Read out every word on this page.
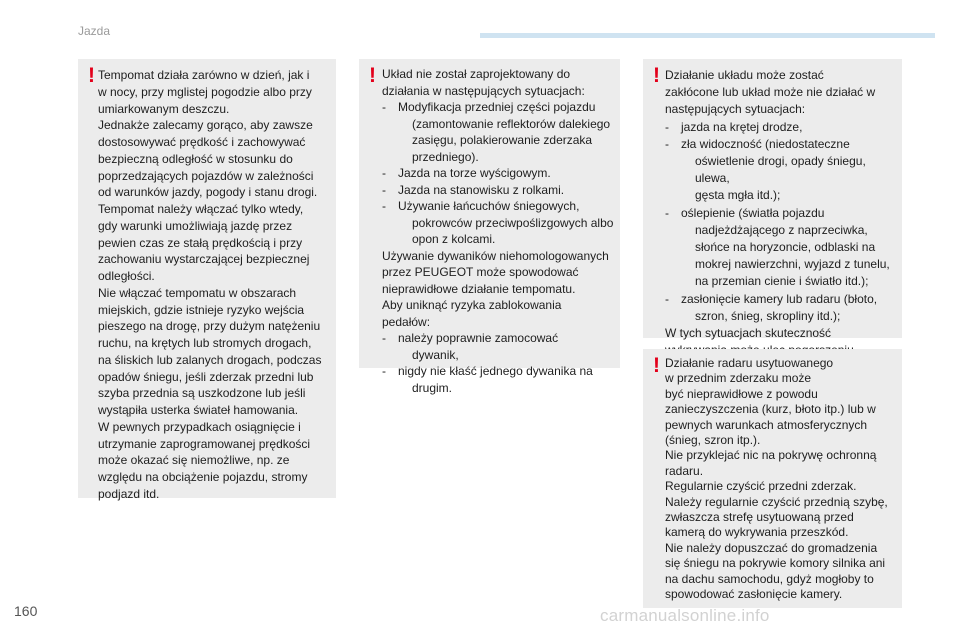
Jazda
! Tempomat działa zarówno w dzień, jak i
w nocy, przy mglistej pogodzie albo przy
umiarkowanym deszczu.
Jednakże zalecamy gorąco, aby zawsze
dostosowywać prędkość i zachowywać
bezpieczną odległość w stosunku do
poprzedzających pojazdów w zależności
od warunków jazdy, pogody i stanu drogi.
Tempomat należy włączać tylko wtedy,
gdy warunki umożliwiają jazdę przez
pewien czas ze stałą prędkością i przy
zachowaniu wystarczającej bezpiecznej
odległości.
Nie włączać tempomatu w obszarach
miejskich, gdzie istnieje ryzyko wejścia
pieszego na drogę, przy dużym natężeniu
ruchu, na krętych lub stromych drogach,
na śliskich lub zalanych drogach, podczas
opadów śniegu, jeśli zderzak przedni lub
szyba przednia są uszkodzone lub jeśli
wystąpiła usterka świateł hamowania.
W pewnych przypadkach osiągnięcie i
utrzymanie zaprogramowanej prędkości
może okazać się niemożliwe, np. ze
względu na obciążenie pojazdu, stromy
podjazd itd.
! Układ nie został zaprojektowany do
działania w następujących sytuacjach:
- Modyfikacja przedniej części pojazdu
(zamontowanie reflektorów dalekiego
zasięgu, polakierowanie zderzaka
przedniego).
- Jazda na torze wyścigowym.
- Jazda na stanowisku z rolkami.
- Używanie łańcuchów śniegowych,
pokrowców przeciwpoślizgowych albo
opon z kolcami.
Używanie dywaników niehomologowanych
przez PEUGEOT może spowodować
nieprawidłowe działanie tempomatu.
Aby uniknąć ryzyka zablokowania
pedałów:
- należy poprawnie zamocować
dywanik,
- nigdy nie kłaść jednego dywanika na
drugim.
! Działanie układu może zostać
zakłócone lub układ może nie działać w
następujących sytuacjach:
- jazda na krętej drodze,
- zła widoczność (niedostateczne
oświetlenie drogi, opady śniegu, ulewa,
gęsta mgła itd.);
- oślepienie (światła pojazdu
nadjeżdżającego z naprzeciwka,
słońce na horyzoncie, odblaski na
mokrej nawierzchni, wyjazd z tunelu,
na przemian cienie i światło itd.);
- zasłonięcie kamery lub radaru (błoto,
szron, śnieg, skroplinу itd.);
W tych sytuacjach skuteczność
! Działanie radaru usytuowanego
w przednim zderzaku może
być nieprawidłowe z powodu
zanieczyszczenia (kurz, błoto itp.) lub w
pewnych warunkach atmosferycznych
(śnieg, szron itp.).
Nie przyklejać nic na pokrywę ochronną
radaru.
Regularnie czyścić przedni zderzak.
Należy regularnie czyścić przednią szybę,
zwłaszcza strefę usytuowaną przed
kamerą do wykrywania przeszkód.
Nie należy dopuszczać do gromadzenia
się śniegu na pokrywie komory silnika ani
na dachu samochodu, gdyż mogłoby to
spowodować zasłonięcie kamery.
160	carmanualsonline.info
